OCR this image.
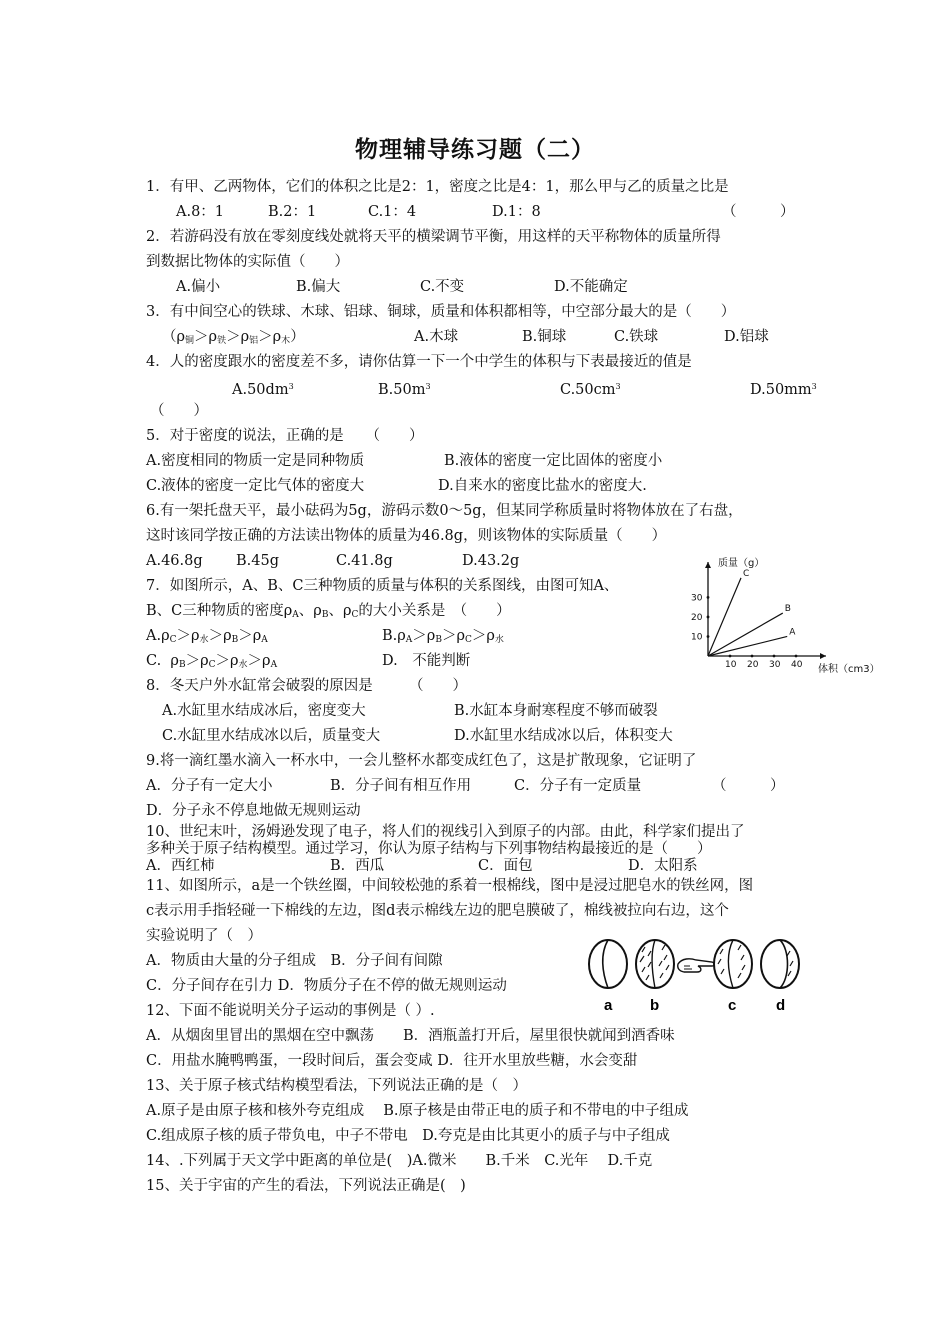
物理辅导练习题（二）
1．有甲、乙两物体，它们的体积之比是2：1，密度之比是4：1，那么甲与乙的质量之比是
A.8：1	B.2：1	C.1：4	D.1：8	（　　　）
2．若游码没有放在零刻度线处就将天平的横梁调节平衡，用这样的天平称物体的质量所得
到数据比物体的实际值（　　）
A.偏小	B.偏大	C.不变	D.不能确定
3．有中间空心的铁球、木球、铝球、铜球，质量和体积都相等，中空部分最大的是（　　）
$(\rho_铜>\rho_铁>\rho_铝>\rho_木)$	A.木球	B.铜球	C.铁球	D.铝球
4．人的密度跟水的密度差不多，请你估算一下一个中学生的体积与下表最接近的值是
$A.50dm^3$	$B.50m^3$	$C.50cm^3$	$D.50mm^3$
（　　）
5．对于密度的说法，正确的是　　（　　）
A.密度相同的物质一定是同种物质	B.液体的密度一定比固体的密度小
C.液体的密度一定比气体的密度大	D.自来水的密度比盐水的密度大.
6.有一架托盘天平，最小砝码为5g，游码示数0～5g，但某同学称质量时将物体放在了右盘，
这时该同学按正确的方法读出物体的质量为46.8g，则该物体的实际质量（　　）
A.46.8g B.45g	C.41.8g	D.43.2g
7．如图所示，A、B、C三种物质的质量与体积的关系图线，由图可知A、
B、C三种物质的密度$\rho_A$、$\rho_B$、$\rho_C$的大小关系是　（　　）
$A.\rho_C>\rho_水>\rho_B>\rho_A$	$B.\rho_A>\rho_B>\rho_C>\rho_水$
C. $\rho_B>\rho_C>\rho_水>\rho_A$	D.　不能判断	10 20 30 40
10
20
30
C
B
A
质量（g）
体积（cm3）
8．冬天户外水缸常会破裂的原因是　　　（　　）
A.水缸里水结成冰后，密度变大	B.水缸本身耐寒程度不够而破裂
C.水缸里水结成冰以后，质量变大	D.水缸里水结成冰以后，体积变大
9.将一滴红墨水滴入一杯水中，一会儿整杯水都变成红色了，这是扩散现象，它证明了
A．分子有一定大小	B．分子间有相互作用	C．分子有一定质量	（　　　）
D．分子永不停息地做无规则运动
10、世纪末叶，汤姆逊发现了电子，将人们的视线引入到原子的内部。由此，科学家们提出了
多种关于原子结构模型。通过学习，你认为原子结构与下列事物结构最接近的是（　　）
A．西红柿	B．西瓜	C．面包	D．太阳系
11、如图所示，a是一个铁丝圈，中间较松弛的系着一根棉线，图中是浸过肥皂水的铁丝网，图
c表示用手指轻碰一下棉线的左边，图d表示棉线左边的肥皂膜破了，棉线被拉向右边，这个
实验说明了（　）
A．物质由大量的分子组成　B．分子间有间隙
C．分子间存在引力 D．物质分子在不停的做无规则运动
a	b	c	d
12、下面不能说明关分子运动的事例是（ ）.
A．从烟囱里冒出的黑烟在空中飘荡　　B．酒瓶盖打开后，屋里很快就闻到酒香味
C．用盐水腌鸭鸭蛋，一段时间后，蛋会变咸 D．往开水里放些糖，水会变甜
13、关于原子核式结构模型看法，下列说法正确的是（　）
A.原子是由原子核和核外夸克组成　 B.原子核是由带正电的质子和不带电的中子组成
C.组成原子核的质子带负电，中子不带电　D.夸克是由比其更小的质子与中子组成
14、.下列属于天文学中距离的单位是(　)A.微米　　B.千米　C.光年　 D.千克
15、关于宇宙的产生的看法，下列说法正确是(　)
